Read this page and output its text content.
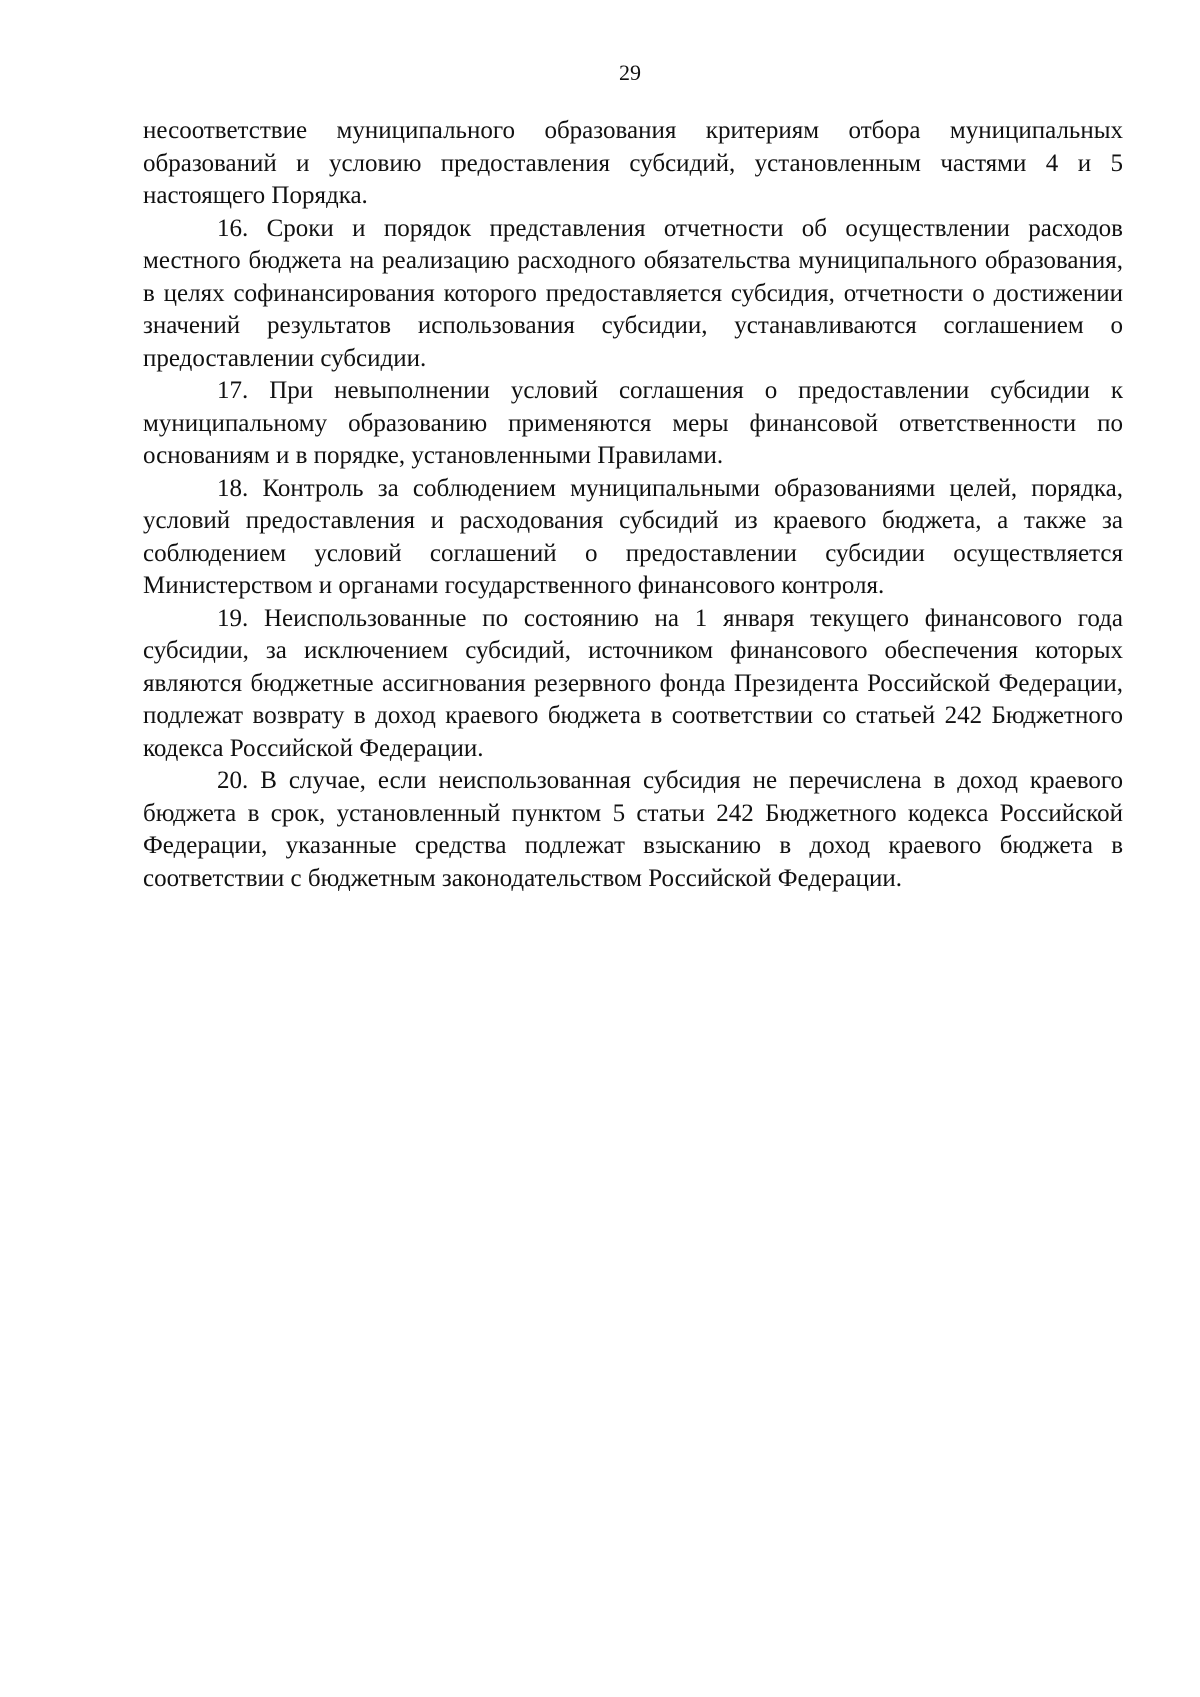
29

несоответствие муниципального образования критериям отбора муниципальных образований и условию предоставления субсидий, установленным частями 4 и 5 настоящего Порядка.

16. Сроки и порядок представления отчетности об осуществлении расходов местного бюджета на реализацию расходного обязательства муниципального образования, в целях софинансирования которого предоставляется субсидия, отчетности о достижении значений результатов использования субсидии, устанавливаются соглашением о предоставлении субсидии.

17. При невыполнении условий соглашения о предоставлении субсидии к муниципальному образованию применяются меры финансовой ответственности по основаниям и в порядке, установленными Правилами.

18. Контроль за соблюдением муниципальными образованиями целей, порядка, условий предоставления и расходования субсидий из краевого бюджета, а также за соблюдением условий соглашений о предоставлении субсидии осуществляется Министерством и органами государственного финансового контроля.

19. Неиспользованные по состоянию на 1 января текущего финансового года субсидии, за исключением субсидий, источником финансового обеспечения которых являются бюджетные ассигнования резервного фонда Президента Российской Федерации, подлежат возврату в доход краевого бюджета в соответствии со статьей 242 Бюджетного кодекса Российской Федерации.

20. В случае, если неиспользованная субсидия не перечислена в доход краевого бюджета в срок, установленный пунктом 5 статьи 242 Бюджетного кодекса Российской Федерации, указанные средства подлежат взысканию в доход краевого бюджета в соответствии с бюджетным законодательством Российской Федерации.
